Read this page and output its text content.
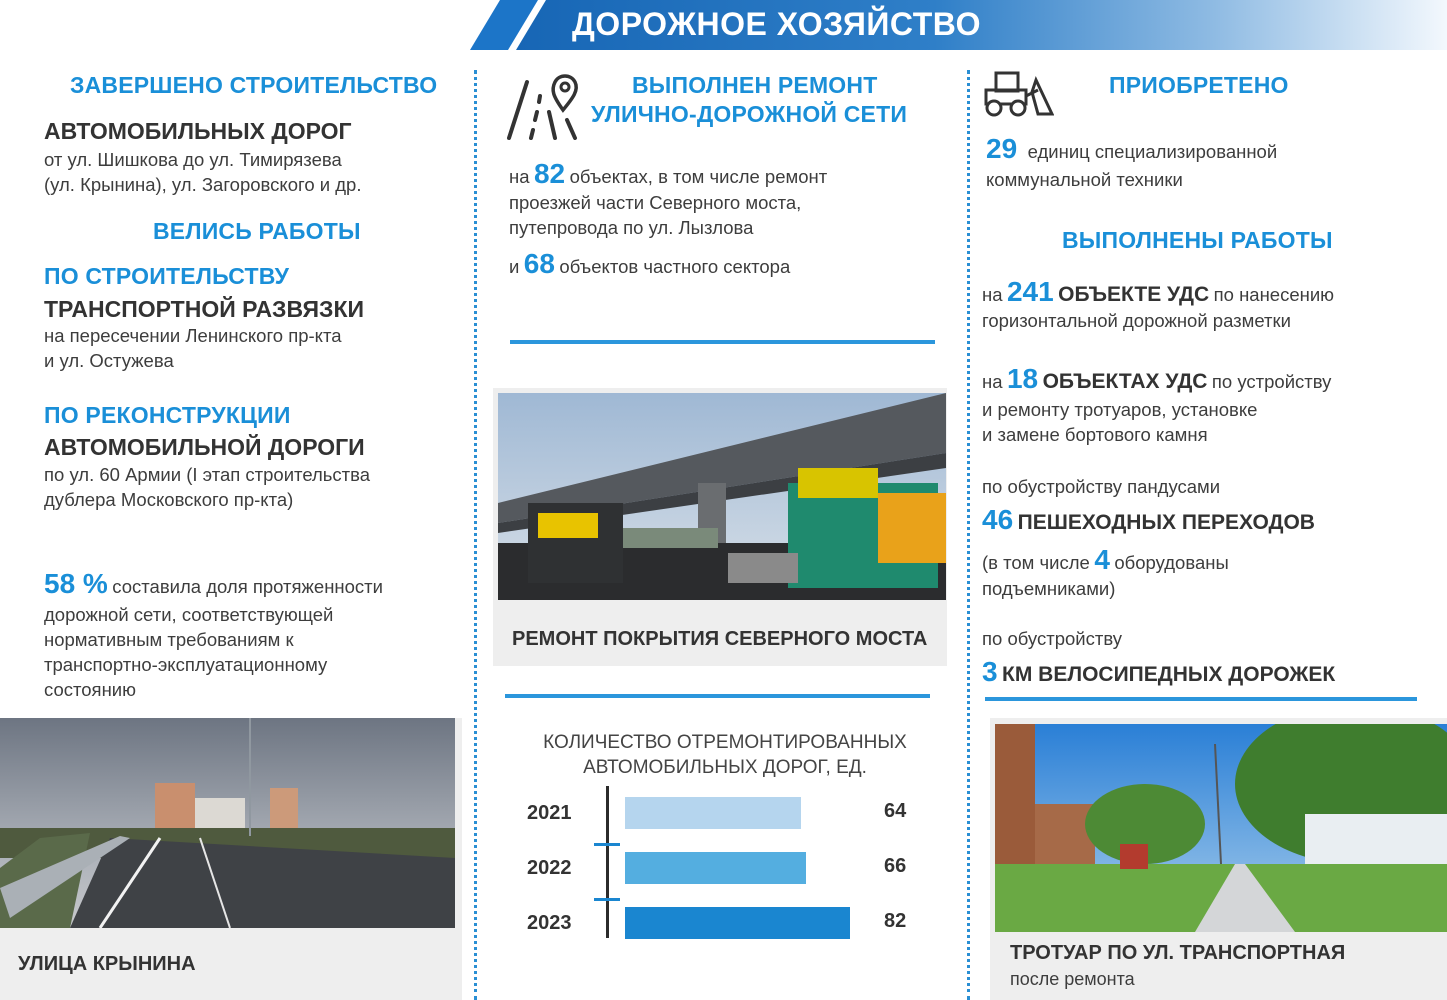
ДОРОЖНОЕ ХОЗЯЙСТВО
ЗАВЕРШЕНО СТРОИТЕЛЬСТВО
АВТОМОБИЛЬНЫХ ДОРОГ
от ул. Шишкова до ул. Тимирязева
(ул. Крынина), ул. Загоровского и др.
ВЕЛИСЬ РАБОТЫ
ПО СТРОИТЕЛЬСТВУ
ТРАНСПОРТНОЙ РАЗВЯЗКИ
на пересечении Ленинского пр-кта
и ул. Остужева
ПО РЕКОНСТРУКЦИИ
АВТОМОБИЛЬНОЙ ДОРОГИ
по ул. 60 Армии (I этап строительства
дублера Московского пр-кта)
58 % составила доля протяженности
дорожной сети, соответствующей
нормативным требованиям к
транспортно-эксплуатационному
состоянию
УЛИЦА КРЫНИНА
ВЫПОЛНЕН РЕМОНТ
УЛИЧНО-ДОРОЖНОЙ СЕТИ
на 82 объектах, в том числе ремонт
проезжей части Северного моста,
путепровода по ул. Лызлова
и 68 объектов частного сектора
РЕМОНТ ПОКРЫТИЯ СЕВЕРНОГО МОСТА
КОЛИЧЕСТВО ОТРЕМОНТИРОВАННЫХ
АВТОМОБИЛЬНЫХ ДОРОГ, ЕД.
2021	64
2022	66
2023	82
ПРИОБРЕТЕНО
29 единиц специализированной
коммунальной техники
ВЫПОЛНЕНЫ РАБОТЫ
на 241 ОБЪЕКТЕ УДС по нанесению
горизонтальной дорожной разметки
на 18 ОБЪЕКТАХ УДС по устройству
и ремонту тротуаров, установке
и замене бортового камня
по обустройству пандусами
46 ПЕШЕХОДНЫХ ПЕРЕХОДОВ
(в том числе 4 оборудованы
подъемниками)
по обустройству
3 КМ ВЕЛОСИПЕДНЫХ ДОРОЖЕК
ТРОТУАР ПО УЛ. ТРАНСПОРТНАЯ
после ремонта
